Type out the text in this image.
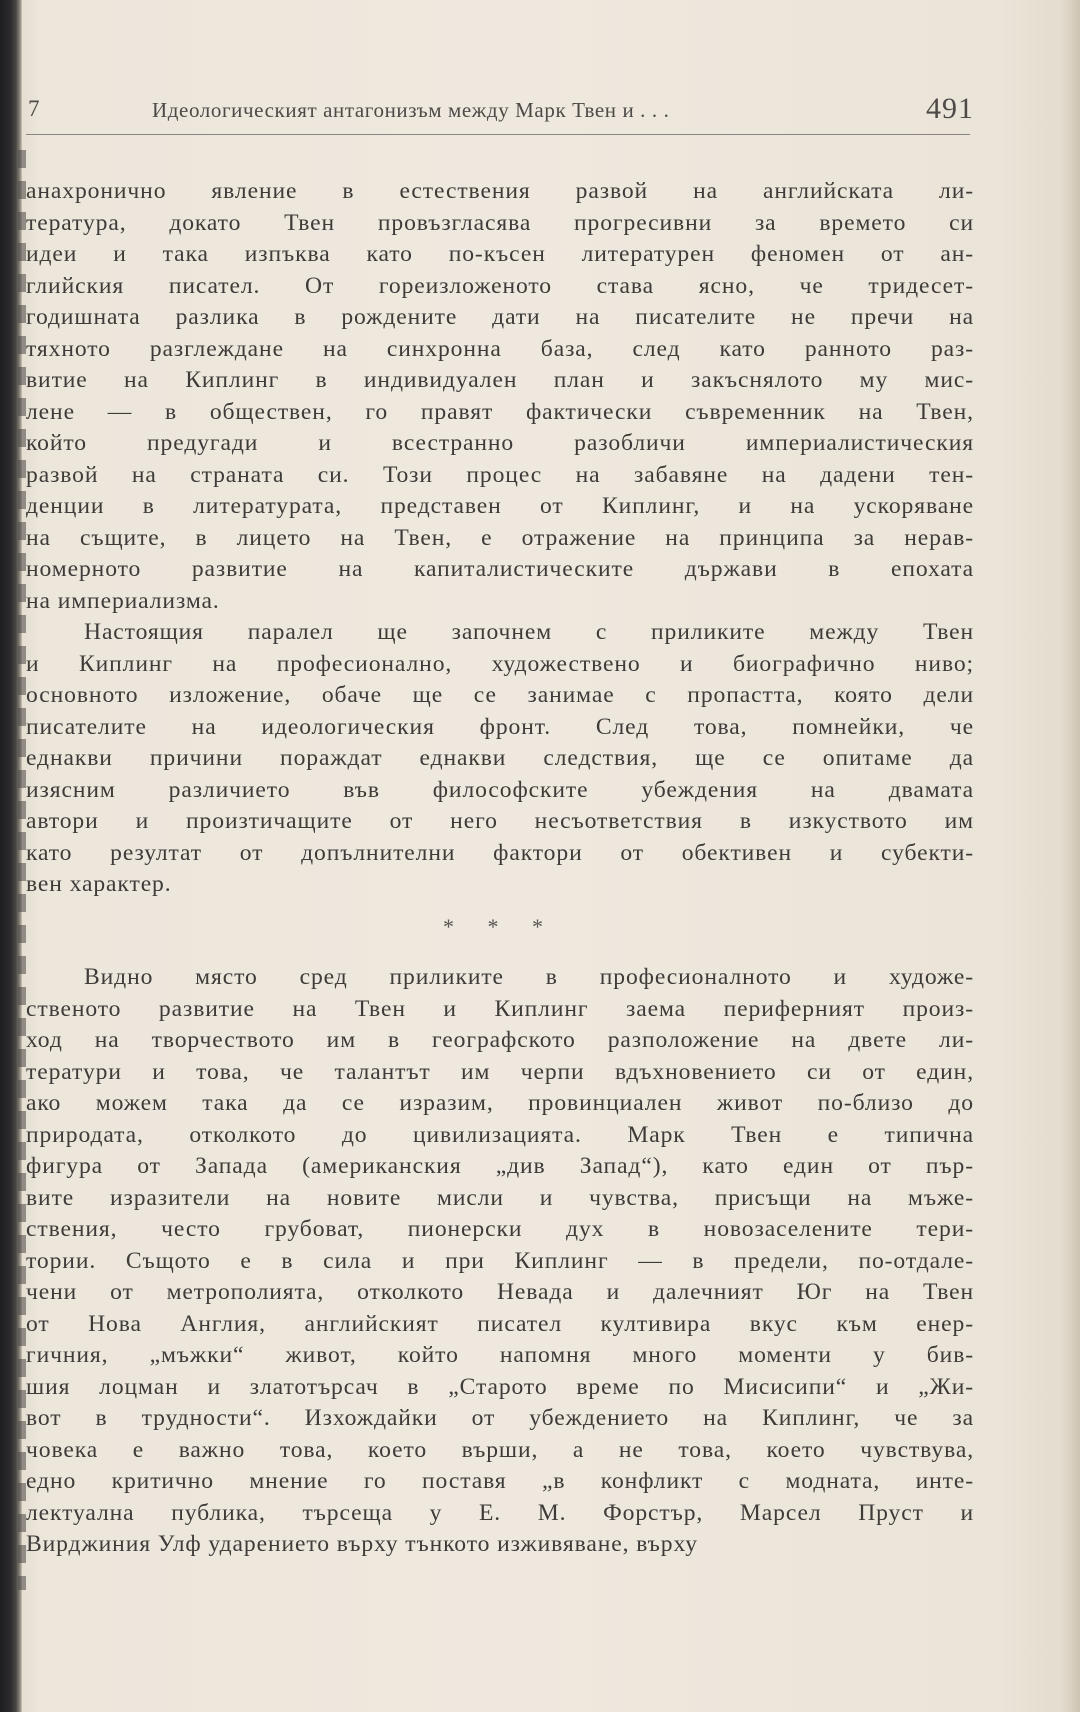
7	Идеологическият антагонизъм между Марк Твен и . . .	491
анахронично явление в естествения развой на английската ли-
тература, докато Твен провъзгласява прогресивни за времето си
идеи и така изпъква като по-късен литературен феномен от ан-
глийския писател. От гореизложеното става ясно, че тридесет-
годишната разлика в рождените дати на писателите не пречи на
тяхното разглеждане на синхронна база, след като ранното раз-
витие на Киплинг в индивидуален план и закъснялото му мис-
лене — в обществен, го правят фактически съвременник на Твен,
който предугади и всестранно разобличи империалистическия
развой на страната си. Този процес на забавяне на дадени тен-
денции в литературата, представен от Киплинг, и на ускоряване
на същите, в лицето на Твен, е отражение на принципа за нерав-
номерното развитие на капиталистическите държави в епохата
на империализма.
Настоящия паралел ще започнем с приликите между Твен
и Киплинг на професионално, художествено и биографично ниво;
основното изложение, обаче ще се занимае с пропастта, която дели
писателите на идеологическия фронт. След това, помнейки, че
еднакви причини пораждат еднакви следствия, ще се опитаме да
изясним различието във философските убеждения на двамата
автори и произтичащите от него несъответствия в изкуството им
като резултат от допълнителни фактори от обективен и субекти-
вен характер.
* * *
Видно място сред приликите в професионалното и художе-
ственото развитие на Твен и Киплинг заема периферният произ-
ход на творчеството им в географското разположение на двете ли-
тератури и това, че талантът им черпи вдъхновението си от един,
ако можем така да се изразим, провинциален живот по-близо до
природата, отколкото до цивилизацията. Марк Твен е типична
фигура от Запада (американския „див Запад“), като един от пър-
вите изразители на новите мисли и чувства, присъщи на мъже-
ствения, често грубоват, пионерски дух в новозаселените тери-
тории. Същото е в сила и при Киплинг — в предели, по-отдале-
чени от метрополията, отколкото Невада и далечният Юг на Твен
от Нова Англия, английският писател култивира вкус към енер-
гичния, „мъжки“ живот, който напомня много моменти у бив-
шия лоцман и златотърсач в „Старото време по Мисисипи“ и „Жи-
вот в трудности“. Изхождайки от убеждението на Киплинг, че за
човека е важно това, което върши, а не това, което чувствува,
едно критично мнение го поставя „в конфликт с модната, инте-
лектуална публика, търсеща у Е. М. Форстър, Марсел Пруст и
Вирджиния Улф ударението върху тънкото изживяване, върху
